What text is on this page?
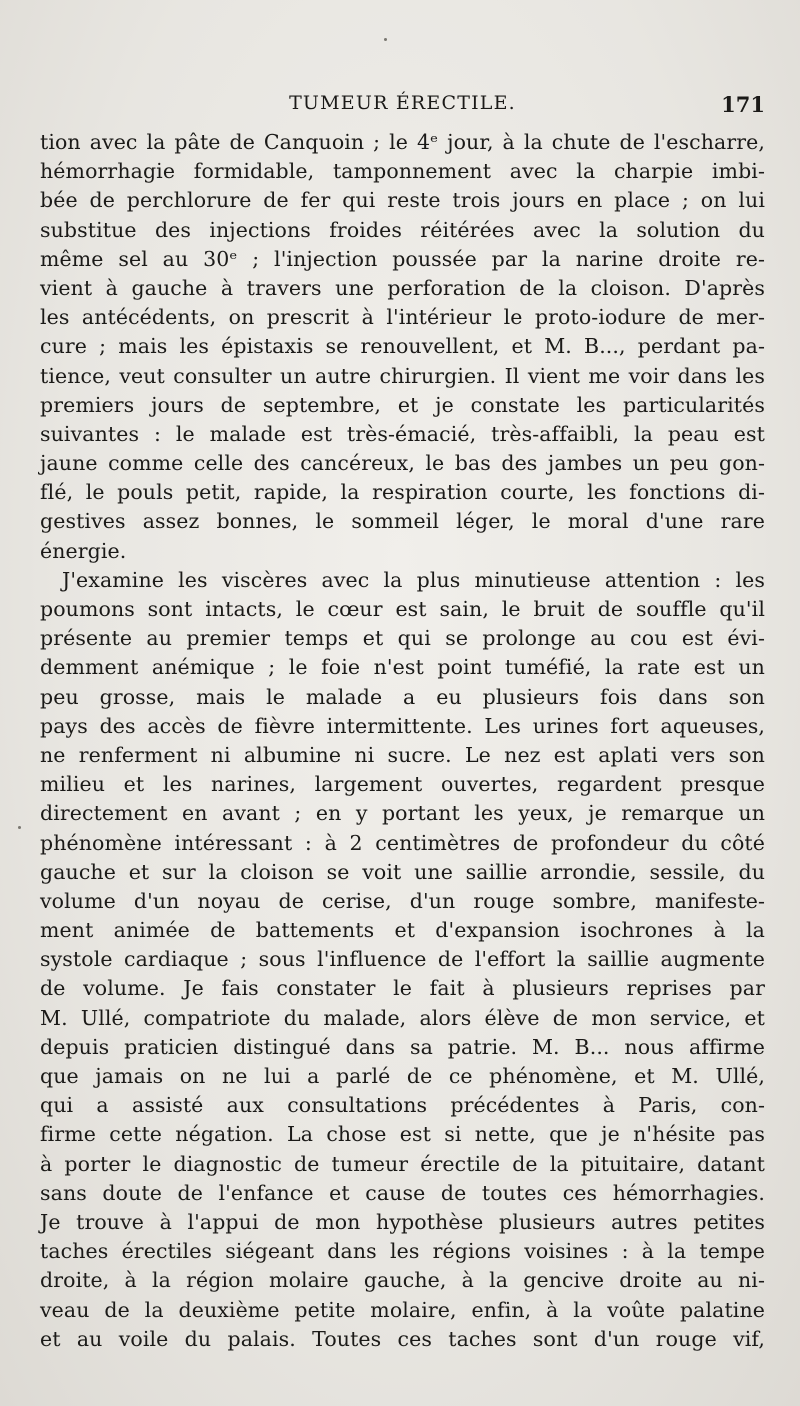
TUMEUR ÉRECTILE.	171
tion avec la pâte de Canquoin ; le 4ᵉ jour, à la chute de l'escharre,
hémorrhagie formidable, tamponnement avec la charpie imbi-
bée de perchlorure de fer qui reste trois jours en place ; on lui
substitue des injections froides réitérées avec la solution du
même sel au 30ᵉ ; l'injection poussée par la narine droite re-
vient à gauche à travers une perforation de la cloison. D'après
les antécédents, on prescrit à l'intérieur le proto-iodure de mer-
cure ; mais les épistaxis se renouvellent, et M. B..., perdant pa-
tience, veut consulter un autre chirurgien. Il vient me voir dans les
premiers jours de septembre, et je constate les particularités
suivantes : le malade est très-émacié, très-affaibli, la peau est
jaune comme celle des cancéreux, le bas des jambes un peu gon-
flé, le pouls petit, rapide, la respiration courte, les fonctions di-
gestives assez bonnes, le sommeil léger, le moral d'une rare
énergie.
J'examine les viscères avec la plus minutieuse attention : les
poumons sont intacts, le cœur est sain, le bruit de souffle qu'il
présente au premier temps et qui se prolonge au cou est évi-
demment anémique ; le foie n'est point tuméfié, la rate est un
peu grosse, mais le malade a eu plusieurs fois dans son
pays des accès de fièvre intermittente. Les urines fort aqueuses,
ne renferment ni albumine ni sucre. Le nez est aplati vers son
milieu et les narines, largement ouvertes, regardent presque
directement en avant ; en y portant les yeux, je remarque un
phénomène intéressant : à 2 centimètres de profondeur du côté
gauche et sur la cloison se voit une saillie arrondie, sessile, du
volume d'un noyau de cerise, d'un rouge sombre, manifeste-
ment animée de battements et d'expansion isochrones à la
systole cardiaque ; sous l'influence de l'effort la saillie augmente
de volume. Je fais constater le fait à plusieurs reprises par
M. Ullé, compatriote du malade, alors élève de mon service, et
depuis praticien distingué dans sa patrie. M. B... nous affirme
que jamais on ne lui a parlé de ce phénomène, et M. Ullé,
qui a assisté aux consultations précédentes à Paris, con-
firme cette négation. La chose est si nette, que je n'hésite pas
à porter le diagnostic de tumeur érectile de la pituitaire, datant
sans doute de l'enfance et cause de toutes ces hémorrhagies.
Je trouve à l'appui de mon hypothèse plusieurs autres petites
taches érectiles siégeant dans les régions voisines : à la tempe
droite, à la région molaire gauche, à la gencive droite au ni-
veau de la deuxième petite molaire, enfin, à la voûte palatine
et au voile du palais. Toutes ces taches sont d'un rouge vif,
